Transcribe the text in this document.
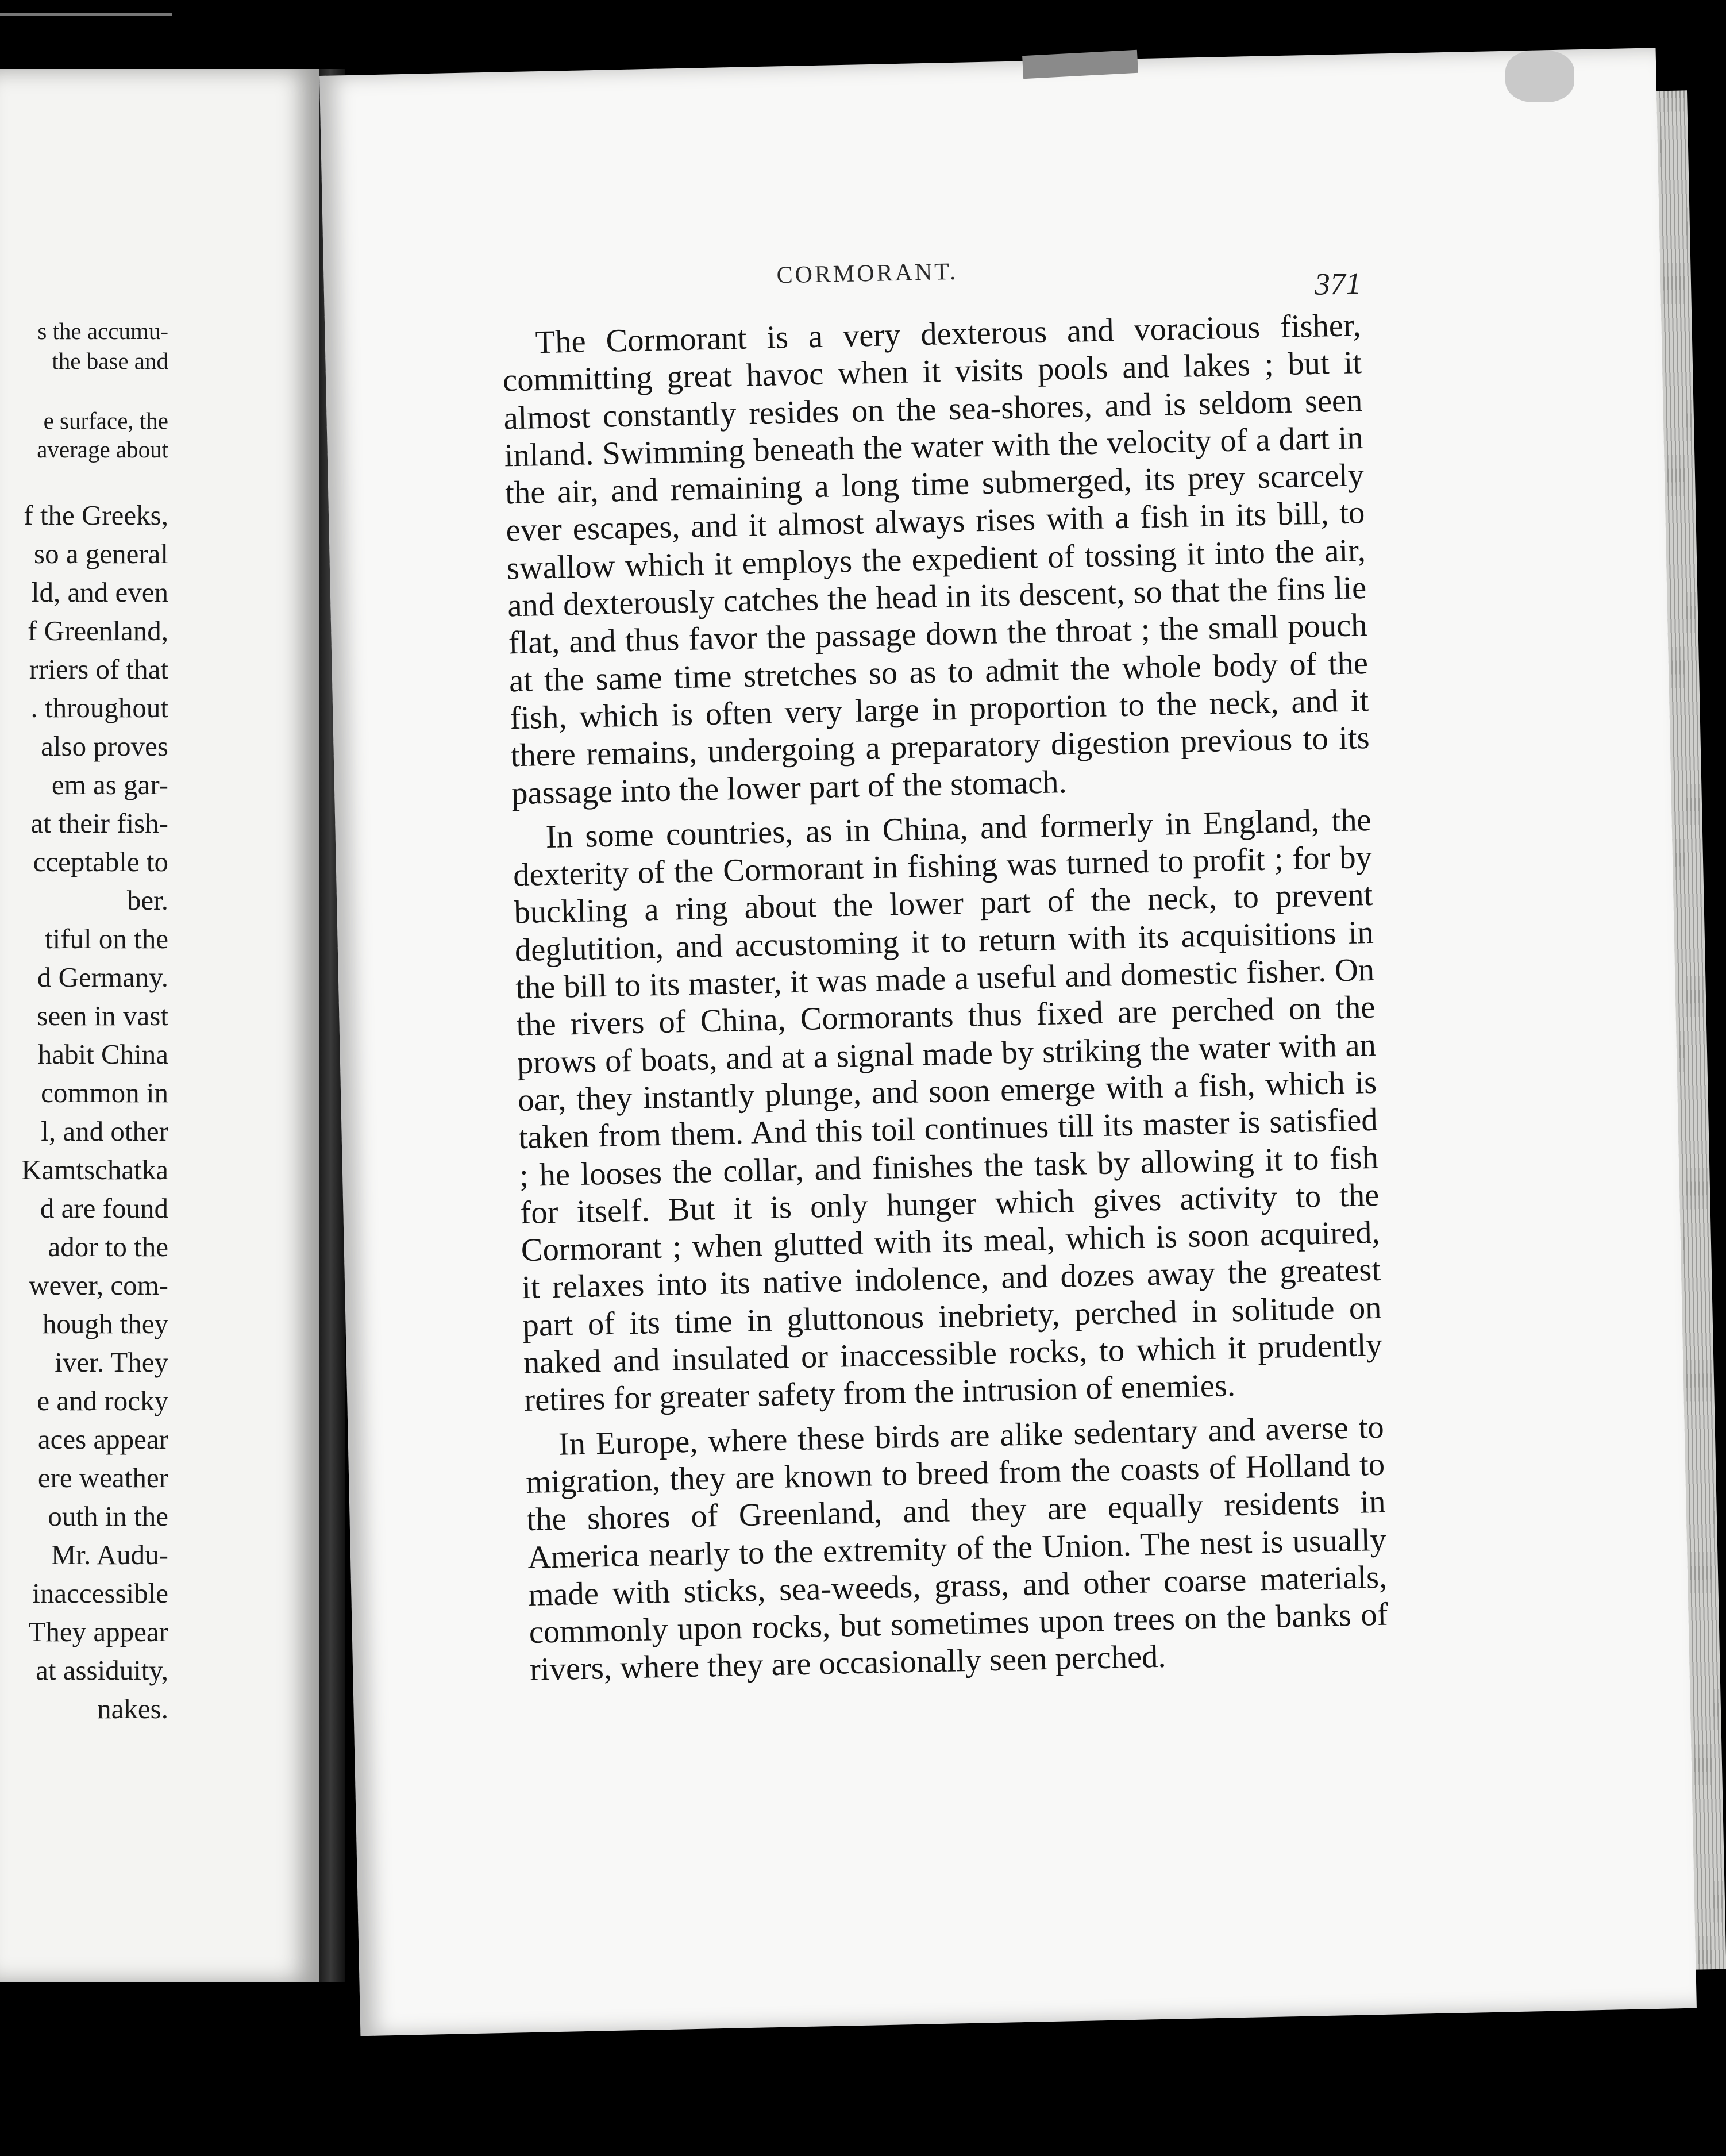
s the accumu-
the base and
e surface, the
average about
f the Greeks,
so a general
ld, and even
f Greenland,
rriers of that
. throughout
also proves
em as gar-
at their fish-
cceptable to
ber.
tiful on the
d Germany.
seen in vast
habit China
common in
l, and other
Kamtschatka
d are found
ador to the
wever, com-
hough they
iver. They
e and rocky
aces appear
ere weather
outh in the
Mr. Audu-
inaccessible
They appear
at assiduity,
nakes.
CORMORANT.	371

The Cormorant is a very dexterous and voracious fisher, committing great havoc when it visits pools and lakes ; but it almost constantly resides on the sea-shores, and is seldom seen inland. Swimming beneath the water with the velocity of a dart in the air, and remaining a long time submerged, its prey scarcely ever escapes, and it almost always rises with a fish in its bill, to swallow which it employs the expedient of tossing it into the air, and dexterously catches the head in its descent, so that the fins lie flat, and thus favor the passage down the throat ; the small pouch at the same time stretches so as to admit the whole body of the fish, which is often very large in proportion to the neck, and it there remains, undergoing a preparatory digestion previous to its passage into the lower part of the stomach.

In some countries, as in China, and formerly in England, the dexterity of the Cormorant in fishing was turned to profit ; for by buckling a ring about the lower part of the neck, to prevent deglutition, and accustoming it to return with its acquisitions in the bill to its master, it was made a useful and domestic fisher. On the rivers of China, Cormorants thus fixed are perched on the prows of boats, and at a signal made by striking the water with an oar, they instantly plunge, and soon emerge with a fish, which is taken from them. And this toil continues till its master is satisfied ; he looses the collar, and finishes the task by allowing it to fish for itself. But it is only hunger which gives activity to the Cormorant ; when glutted with its meal, which is soon acquired, it relaxes into its native indolence, and dozes away the greatest part of its time in gluttonous inebriety, perched in solitude on naked and insulated or inaccessible rocks, to which it prudently retires for greater safety from the intrusion of enemies.

In Europe, where these birds are alike sedentary and averse to migration, they are known to breed from the coasts of Holland to the shores of Greenland, and they are equally residents in America nearly to the extremity of the Union. The nest is usually made with sticks, sea-weeds, grass, and other coarse materials, commonly upon rocks, but sometimes upon trees on the banks of rivers, where they are occasionally seen perched.
